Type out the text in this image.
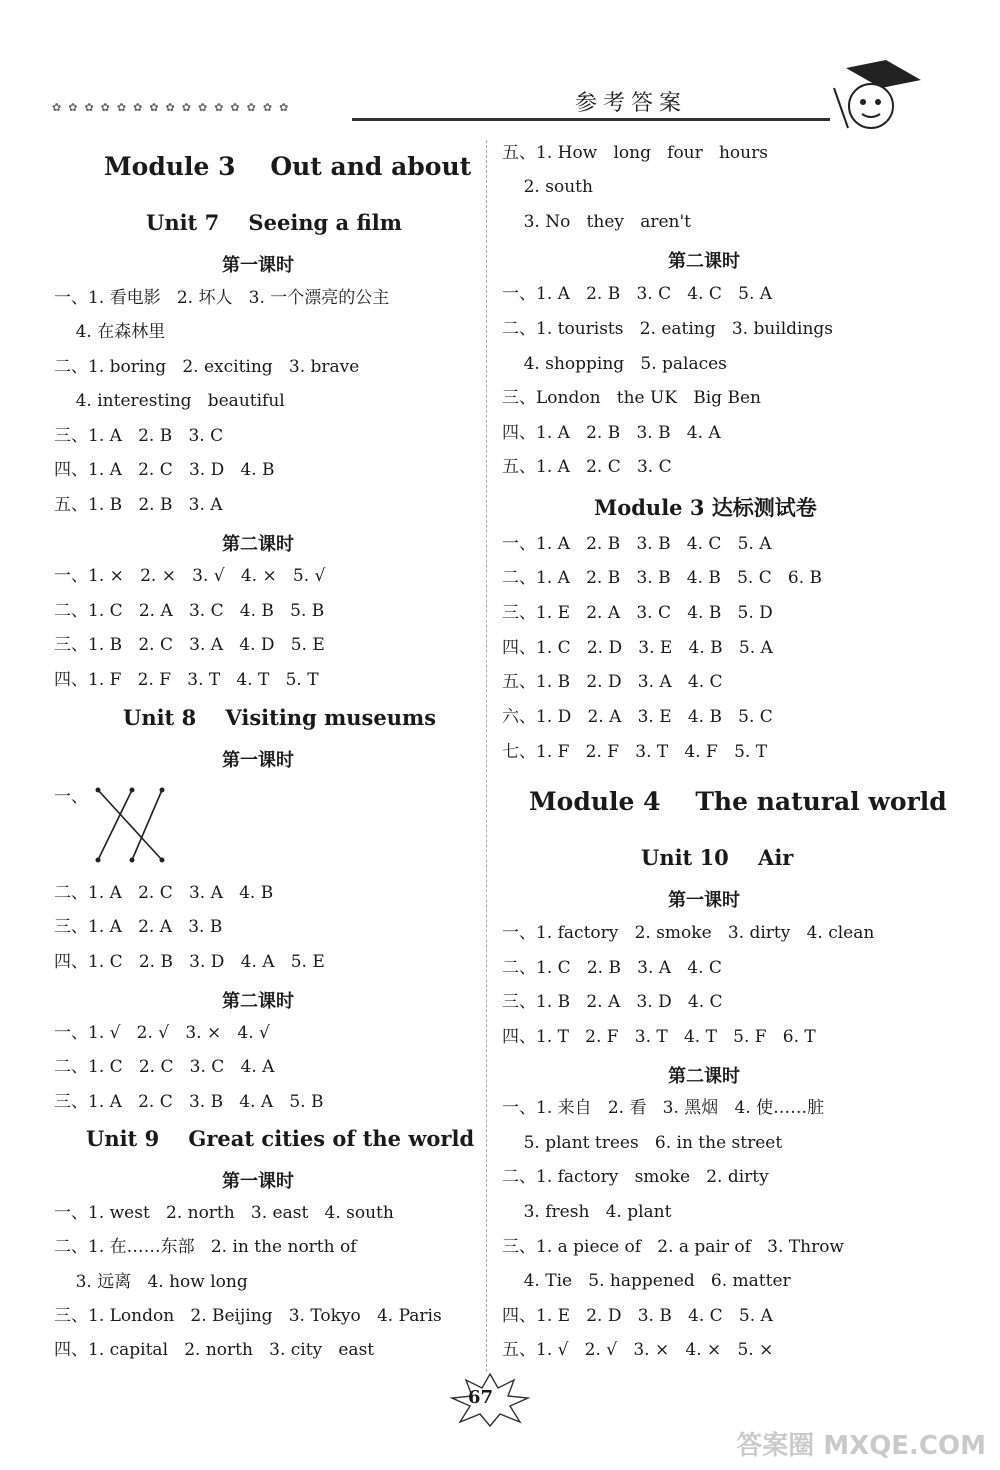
✿ ✿ ✿ ✿ ✿ ✿ ✿ ✿ ✿ ✿ ✿ ✿ ✿ ✿ ✿	参考答案
Module 3    Out and about
Unit 7    Seeing a film
第一课时
一、1. 看电影   2. 坏人   3. 一个漂亮的公主
4. 在森林里
二、1. boring   2. exciting   3. brave
4. interesting   beautiful
三、1. A   2. B   3. C
四、1. A   2. C   3. D   4. B
五、1. B   2. B   3. A
第二课时
一、1. ×   2. ×   3. √   4. ×   5. √
二、1. C   2. A   3. C   4. B   5. B
三、1. B   2. C   3. A   4. D   5. E
四、1. F   2. F   3. T   4. T   5. T
Unit 8    Visiting museums
第一课时
一、
二、1. A   2. C   3. A   4. B
三、1. A   2. A   3. B
四、1. C   2. B   3. D   4. A   5. E
第二课时
一、1. √   2. √   3. ×   4. √
二、1. C   2. C   3. C   4. A
三、1. A   2. C   3. B   4. A   5. B
Unit 9    Great cities of the world
第一课时
一、1. west   2. north   3. east   4. south
二、1. 在……东部   2. in the north of
3. 远离   4. how long
三、1. London   2. Beijing   3. Tokyo   4. Paris
四、1. capital   2. north   3. city   east
五、1. How   long   four   hours
2. south
3. No   they   aren't
第二课时
一、1. A   2. B   3. C   4. C   5. A
二、1. tourists   2. eating   3. buildings
4. shopping   5. palaces
三、London   the UK   Big Ben
四、1. A   2. B   3. B   4. A
五、1. A   2. C   3. C
Module 3 达标测试卷
一、1. A   2. B   3. B   4. C   5. A
二、1. A   2. B   3. B   4. B   5. C   6. B
三、1. E   2. A   3. C   4. B   5. D
四、1. C   2. D   3. E   4. B   5. A
五、1. B   2. D   3. A   4. C
六、1. D   2. A   3. E   4. B   5. C
七、1. F   2. F   3. T   4. F   5. T
Module 4    The natural world
Unit 10    Air
第一课时
一、1. factory   2. smoke   3. dirty   4. clean
二、1. C   2. B   3. A   4. C
三、1. B   2. A   3. D   4. C
四、1. T   2. F   3. T   4. T   5. F   6. T
第二课时
一、1. 来自   2. 看   3. 黑烟   4. 使……脏
5. plant trees   6. in the street
二、1. factory   smoke   2. dirty
3. fresh   4. plant
三、1. a piece of   2. a pair of   3. Throw
4. Tie   5. happened   6. matter
四、1. E   2. D   3. B   4. C   5. A
五、1. √   2. √   3. ×   4. ×   5. ×
67
答案圈 MXQE.COM
